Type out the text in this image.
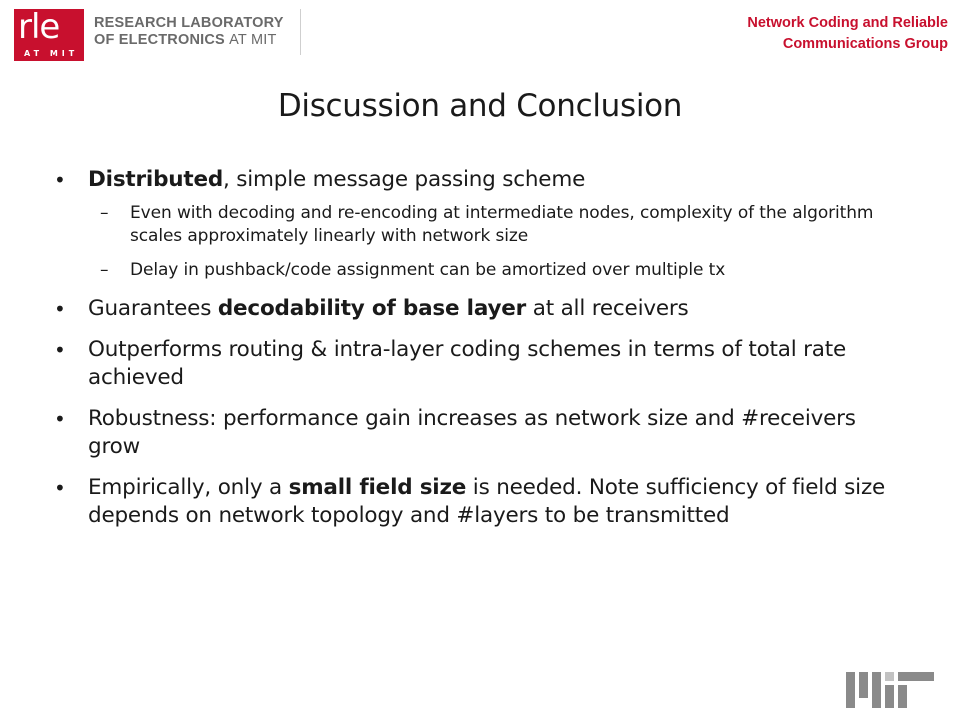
rle
AT MIT
RESEARCH LABORATORY
OF ELECTRONICS AT MIT
Network Coding and Reliable
Communications Group
Discussion and Conclusion
• Distributed, simple message passing scheme
– Even with decoding and re-encoding at intermediate nodes, complexity of the algorithm scales approximately linearly with network size
– Delay in pushback/code assignment can be amortized over multiple tx
• Guarantees decodability of base layer at all receivers
• Outperforms routing & intra-layer coding schemes in terms of total rate achieved
• Robustness: performance gain increases as network size and #receivers grow
• Empirically, only a small field size is needed. Note sufficiency of field size depends on network topology and #layers to be transmitted
